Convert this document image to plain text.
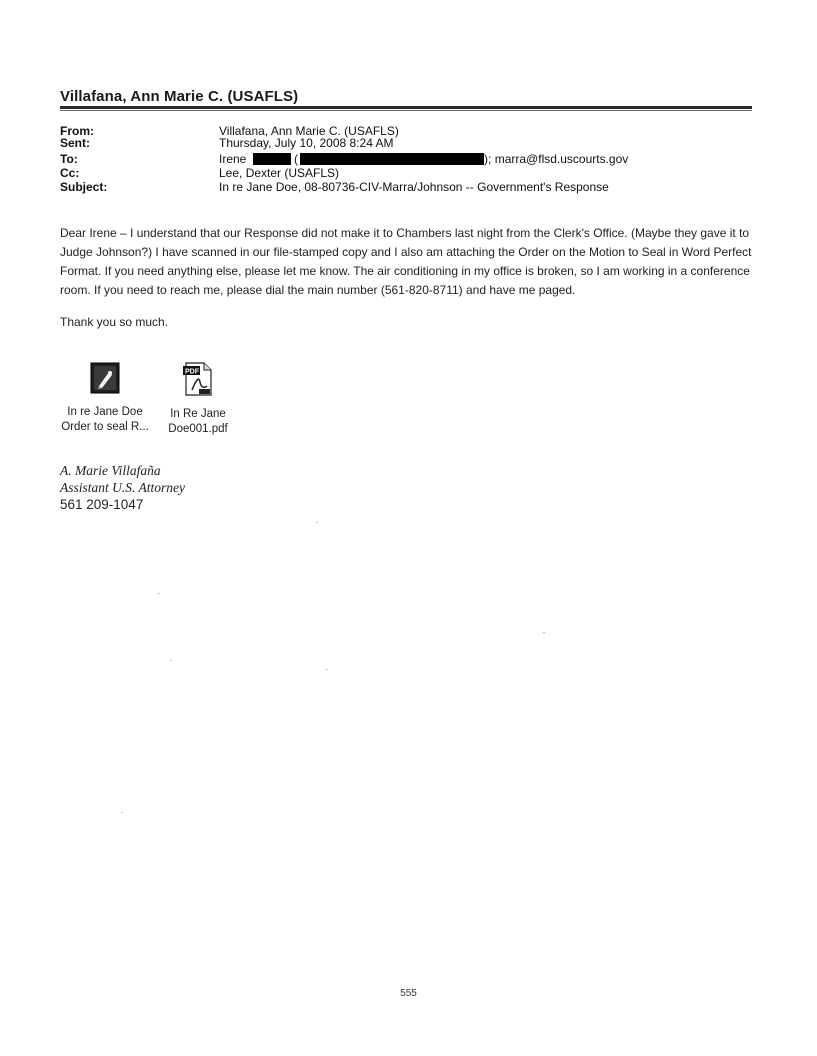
Villafana, Ann Marie C. (USAFLS)
From:	Villafana, Ann Marie C. (USAFLS)
Sent:	Thursday, July 10, 2008 8:24 AM
To:	Irene	(	); marra@flsd.uscourts.gov
Cc:	Lee, Dexter (USAFLS)
Subject:	In re Jane Doe, 08-80736-CIV-Marra/Johnson -- Government's Response

Dear Irene – I understand that our Response did not make it to Chambers last night from the Clerk's Office. (Maybe they gave it to Judge Johnson?) I have scanned in our file-stamped copy and I also am attaching the Order on the Motion to Seal in Word Perfect Format. If you need anything else, please let me know. The air conditioning in my office is broken, so I am working in a conference room. If you need to reach me, please dial the main number (561-820-8711) and have me paged.

Thank you so much.

In re Jane Doe
Order to seal R...
PDF
In Re Jane
Doe001.pdf
A. Marie Villafaña
Assistant U.S. Attorney
561 209-1047
555
